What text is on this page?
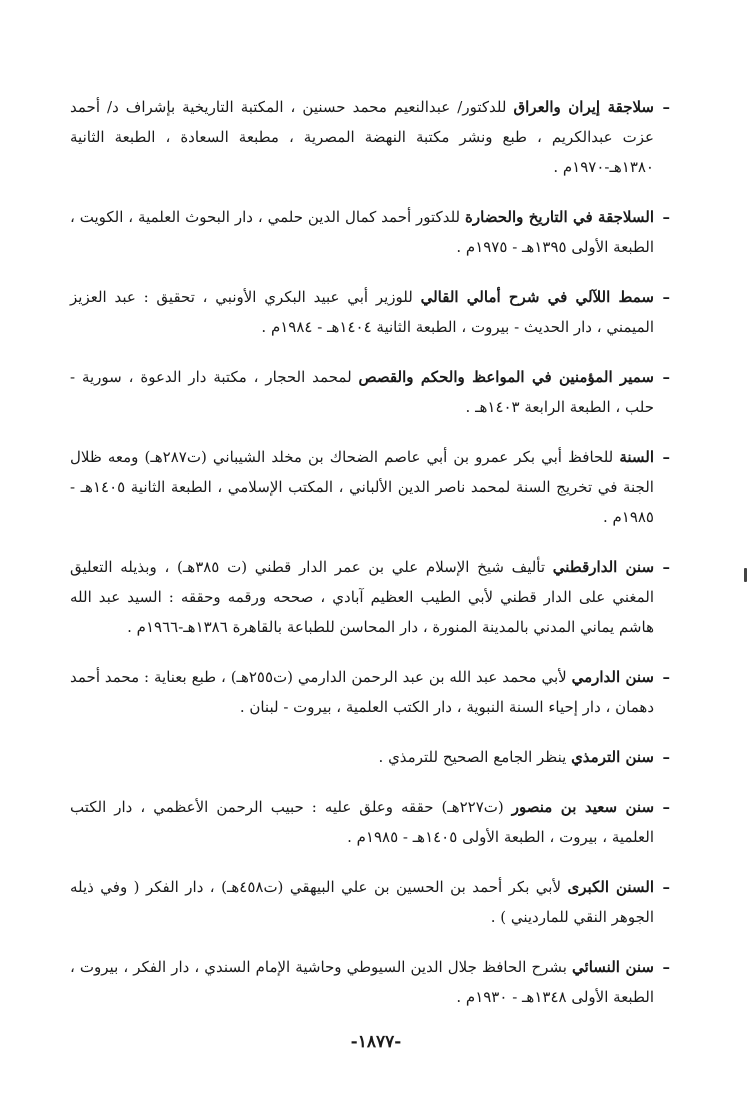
–
سلاجقة إيران والعراق للدكتور/ عبدالنعيم محمد حسنين ، المكتبة التاريخية بإشراف د/ أحمد عزت عبدالكريم ، طبع ونشر مكتبة النهضة المصرية ، مطبعة السعادة ، الطبعة الثانية ١٣٨٠هـ-١٩٧٠م .
–
السلاجقة في التاريخ والحضارة للدكتور أحمد كمال الدين حلمي ، دار البحوث العلمية ، الكويت ، الطبعة الأولى ١٣٩٥هـ - ١٩٧٥م .
–
سمط اللآلي في شرح أمالي القالي للوزير أبي عبيد البكري الأونبي ، تحقيق : عبد العزيز الميمني ، دار الحديث - بيروت ، الطبعة الثانية ١٤٠٤هـ - ١٩٨٤م .
–
سمير المؤمنين في المواعظ والحكم والقصص لمحمد الحجار ، مكتبة دار الدعوة ، سورية - حلب ، الطبعة الرابعة ١٤٠٣هـ .
–
السنة للحافظ أبي بكر عمرو بن أبي عاصم الضحاك بن مخلد الشيباني (ت٢٨٧هـ) ومعه ظلال الجنة في تخريج السنة لمحمد ناصر الدين الألباني ، المكتب الإسلامي ، الطبعة الثانية ١٤٠٥هـ - ١٩٨٥م .
–
سنن الدارقطني تأليف شيخ الإسلام علي بن عمر الدار قطني (ت ٣٨٥هـ) ، وبذيله التعليق المغني على الدار قطني لأبي الطيب العظيم آبادي ، صححه ورقمه وحققه : السيد عبد الله هاشم يماني المدني بالمدينة المنورة ، دار المحاسن للطباعة بالقاهرة ١٣٨٦هـ-١٩٦٦م .
–
سنن الدارمي لأبي محمد عبد الله بن عبد الرحمن الدارمي (ت٢٥٥هـ) ، طبع بعناية : محمد أحمد دهمان ، دار إحياء السنة النبوية ، دار الكتب العلمية ، بيروت - لبنان .
–
سنن الترمذي ينظر الجامع الصحيح للترمذي .
–
سنن سعيد بن منصور (ت٢٢٧هـ) حققه وعلق عليه : حبيب الرحمن الأعظمي ، دار الكتب العلمية ، بيروت ، الطبعة الأولى ١٤٠٥هـ - ١٩٨٥م .
–
السنن الكبرى لأبي بكر أحمد بن الحسين بن علي البيهقي (ت٤٥٨هـ) ، دار الفكر ( وفي ذيله الجوهر النقي للمارديني ) .
–
سنن النسائي بشرح الحافظ جلال الدين السيوطي وحاشية الإمام السندي ، دار الفكر ، بيروت ، الطبعة الأولى ١٣٤٨هـ - ١٩٣٠م .
-١٨٧٧-
